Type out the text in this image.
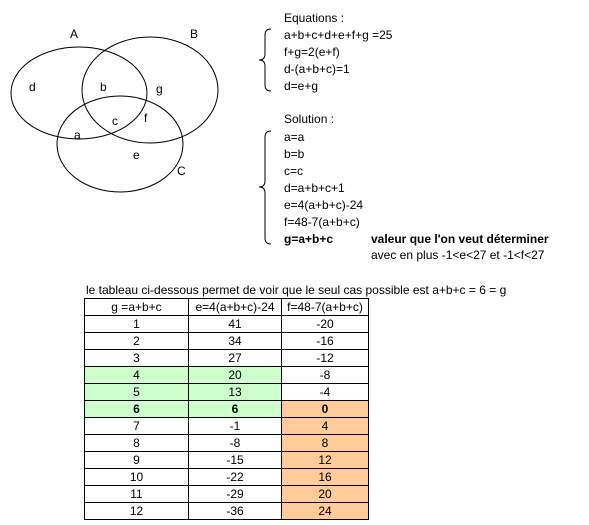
A	B
C
d	b	g
c
a
f
e
Equations :
a+b+c+d+e+f+g =25
f+g=2(e+f)
d-(a+b+c)=1
d=e+g
Solution :
a=a
b=b
c=c
d=a+b+c+1
e=4(a+b+c)-24
f=48-7(a+b+c)
g=a+b+c	valeur que l'on veut déterminer
avec en plus -1<e<27 et -1<f<27
le tableau ci-dessous permet de voir que le seul cas possible est a+b+c = 6 = g
g =a+b+c	e=4(a+b+c)-24	f=48-7(a+b+c)
1	41	-20
2	34	-16
3	27	-12
4	20	-8
5	13	-4
6	6	0
7	-1	4
8	-8	8
9	-15	12
10	-22	16
11	-29	20
12	-36	24
